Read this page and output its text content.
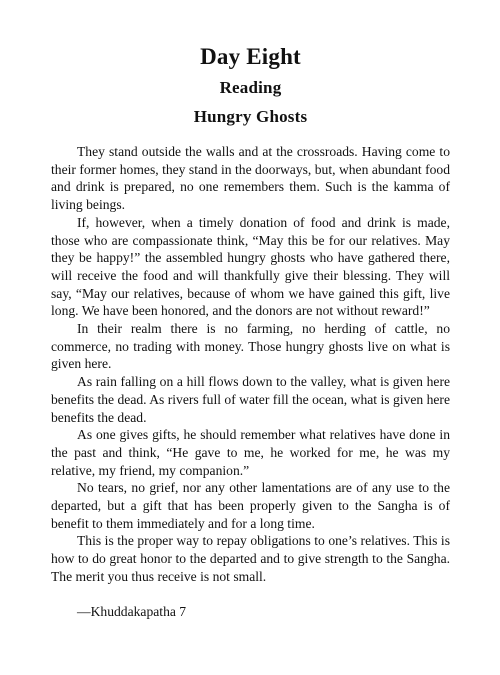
Day Eight
Reading
Hungry Ghosts

They stand outside the walls and at the crossroads. Having come to their former homes, they stand in the doorways, but, when abundant food and drink is prepared, no one remembers them. Such is the kamma of living beings.

If, however, when a timely donation of food and drink is made, those who are compassionate think, “May this be for our relatives. May they be happy!” the assembled hungry ghosts who have gathered there, will receive the food and will thankfully give their blessing. They will say, “May our relatives, because of whom we have gained this gift, live long. We have been honored, and the donors are not without reward!”

In their realm there is no farming, no herding of cattle, no commerce, no trading with money. Those hungry ghosts live on what is given here.

As rain falling on a hill flows down to the valley, what is given here benefits the dead. As rivers full of water fill the ocean, what is given here benefits the dead.

As one gives gifts, he should remember what relatives have done in the past and think, “He gave to me, he worked for me, he was my relative, my friend, my companion.”

No tears, no grief, nor any other lamentations are of any use to the departed, but a gift that has been properly given to the Sangha is of benefit to them immediately and for a long time.

This is the proper way to repay obligations to one’s relatives. This is how to do great honor to the departed and to give strength to the Sangha. The merit you thus receive is not small.

—Khuddakapatha 7
